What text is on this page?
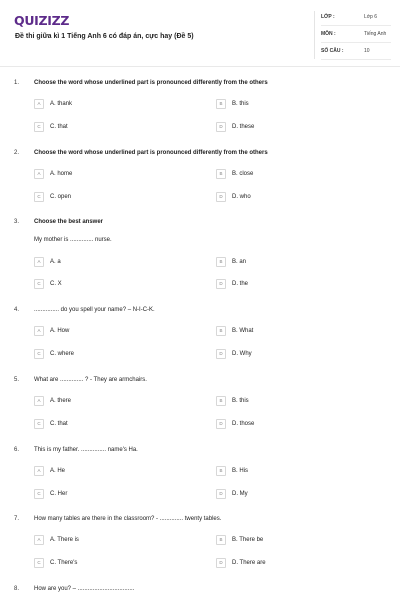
QUIZIZZ
Đề thi giữa kì 1 Tiếng Anh 6 có đáp án, cực hay (Đề 5)
LỚP :	Lớp 6
MÔN :	Tiếng Anh
SỐ CÂU :	10
1. Choose the word whose underlined part is pronounced differently from the others
A	A. thank	B	B. this
C	C. that	D	D. these
2. Choose the word whose underlined part is pronounced differently from the others
A	A. home	B	B. close
C	C. open	D	D. who
3. Choose the best answer
My mother is .............. nurse.
A	A. a	B	B. an
C	C. X	D	D. the
4. ............... do you spell your name? – N-I-C-K.
A	A. How	B	B. What
C	C. where	D	D. Why
5. What are .............. ? - They are armchairs.
A	A. there	B	B. this
C	C. that	D	D. those
6. This is my father. ............... name's Ha.
A	A. He	B	B. His
C	C. Her	D	D. My
7. How many tables are there in the classroom? - .............. twenty tables.
A	A. There is	B	B. There be
C	C. There's	D	D. There are
8. How are you? – ..................................
